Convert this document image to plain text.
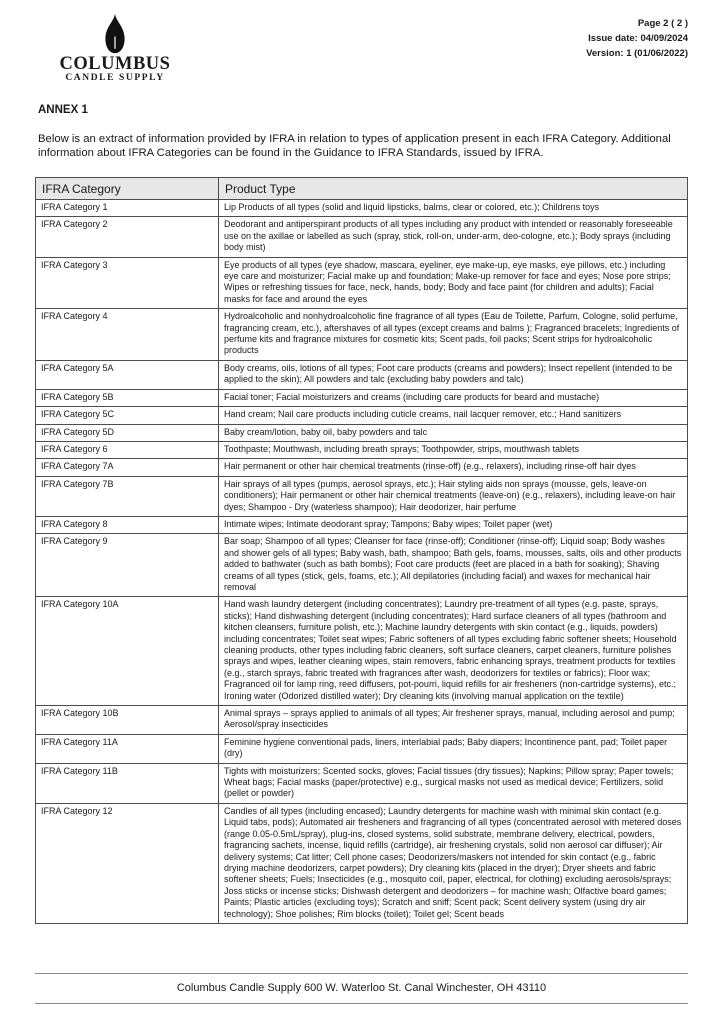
COLUMBUS
CANDLE SUPPLY
Page 2 ( 2 )
Issue date: 04/09/2024
Version: 1 (01/06/2022)
ANNEX 1

Below is an extract of information provided by IFRA in relation to types of application present in each IFRA Category. Additional information about IFRA Categories can be found in the Guidance to IFRA Standards, issued by IFRA.

IFRA Category	Product Type
IFRA Category 1	Lip Products of all types (solid and liquid lipsticks, balms, clear or colored, etc.); Childrens toys
IFRA Category 2	Deodorant and antiperspirant products of all types including any product with intended or reasonably foreseeable use on the axillae or labelled as such (spray, stick, roll-on, under-arm, deo-cologne, etc.); Body sprays (including body mist)
IFRA Category 3	Eye products of all types (eye shadow, mascara, eyeliner, eye make-up, eye masks, eye pillows, etc.) including eye care and moisturizer; Facial make up and foundation; Make-up remover for face and eyes; Nose pore strips; Wipes or refreshing tissues for face, neck, hands, body; Body and face paint (for children and adults); Facial masks for face and around the eyes
IFRA Category 4	Hydroalcoholic and nonhydroalcoholic fine fragrance of all types (Eau de Toilette, Parfum, Cologne, solid perfume, fragrancing cream, etc.), aftershaves of all types (except creams and balms ); Fragranced bracelets; Ingredients of perfume kits and fragrance mixtures for cosmetic kits; Scent pads, foil packs; Scent strips for hydroalcoholic products
IFRA Category 5A	Body creams, oils, lotions of all types; Foot care products (creams and powders); Insect repellent (intended to be applied to the skin); All powders and talc (excluding baby powders and talc)
IFRA Category 5B	Facial toner; Facial moisturizers and creams (including care products for beard and mustache)
IFRA Category 5C	Hand cream; Nail care products including cuticle creams, nail lacquer remover, etc.; Hand sanitizers
IFRA Category 5D	Baby cream/lotion, baby oil, baby powders and talc
IFRA Category 6	Toothpaste; Mouthwash, including breath sprays; Toothpowder, strips, mouthwash tablets
IFRA Category 7A	Hair permanent or other hair chemical treatments (rinse-off) (e.g., relaxers), including rinse-off hair dyes
IFRA Category 7B	Hair sprays of all types (pumps, aerosol sprays, etc.); Hair styling aids non sprays (mousse, gels, leave-on conditioners); Hair permanent or other hair chemical treatments (leave-on) (e.g., relaxers), including leave-on hair dyes; Shampoo - Dry (waterless shampoo); Hair deodorizer, hair perfume
IFRA Category 8	Intimate wipes; Intimate deodorant spray; Tampons; Baby wipes; Toilet paper (wet)
IFRA Category 9	Bar soap; Shampoo of all types; Cleanser for face (rinse-off); Conditioner (rinse-off); Liquid soap; Body washes and shower gels of all types; Baby wash, bath, shampoo; Bath gels, foams, mousses, salts, oils and other products added to bathwater (such as bath bombs); Foot care products (feet are placed in a bath for soaking); Shaving creams of all types (stick, gels, foams, etc.); All depilatories (including facial) and waxes for mechanical hair removal
IFRA Category 10A	Hand wash laundry detergent (including concentrates); Laundry pre-treatment of all types (e.g. paste, sprays, sticks); Hand dishwashing detergent (including concentrates); Hard surface cleaners of all types (bathroom and kitchen cleansers, furniture polish, etc.); Machine laundry detergents with skin contact (e.g., liquids, powders) including concentrates; Toilet seat wipes; Fabric softeners of all types excluding fabric softener sheets; Household cleaning products, other types including fabric cleaners, soft surface cleaners, carpet cleaners, furniture polishes sprays and wipes, leather cleaning wipes, stain removers, fabric enhancing sprays, treatment products for textiles (e.g., starch sprays, fabric treated with fragrances after wash, deodorizers for textiles or fabrics); Floor wax; Fragranced oil for lamp ring, reed diffusers, pot-pourri, liquid refills for air fresheners (non-cartridge systems), etc.; Ironing water (Odorized distilled water); Dry cleaning kits (involving manual application on the textile)
IFRA Category 10B	Animal sprays – sprays applied to animals of all types; Air freshener sprays, manual, including aerosol and pump; Aerosol/spray insecticides
IFRA Category 11A	Feminine hygiene conventional pads, liners, interlabial pads; Baby diapers; Incontinence pant, pad; Toilet paper (dry)
IFRA Category 11B	Tights with moisturizers; Scented socks, gloves; Facial tissues (dry tissues); Napkins; Pillow spray; Paper towels; Wheat bags; Facial masks (paper/protective) e.g., surgical masks not used as medical device; Fertilizers, solid (pellet or powder)
IFRA Category 12	Candles of all types (including encased); Laundry detergents for machine wash with minimal skin contact (e.g. Liquid tabs, pods); Automated air fresheners and fragrancing of all types (concentrated aerosol with metered doses (range 0.05-0.5mL/spray), plug-ins, closed systems, solid substrate, membrane delivery, electrical, powders, fragrancing sachets, incense, liquid refills (cartridge), air freshening crystals, solid non aerosol car diffuser); Air delivery systems; Cat litter; Cell phone cases; Deodorizers/maskers not intended for skin contact (e.g., fabric drying machine deodorizers, carpet powders); Dry cleaning kits (placed in the dryer); Dryer sheets and fabric softener sheets; Fuels; Insecticides (e.g., mosquito coil, paper, electrical, for clothing) excluding aerosols/sprays; Joss sticks or incense sticks; Dishwash detergent and deodorizers – for machine wash; Olfactive board games; Paints; Plastic articles (excluding toys); Scratch and sniff; Scent pack; Scent delivery system (using dry air technology); Shoe polishes; Rim blocks (toilet); Toilet gel; Scent beads
Columbus Candle Supply 600 W. Waterloo St. Canal Winchester, OH 43110
